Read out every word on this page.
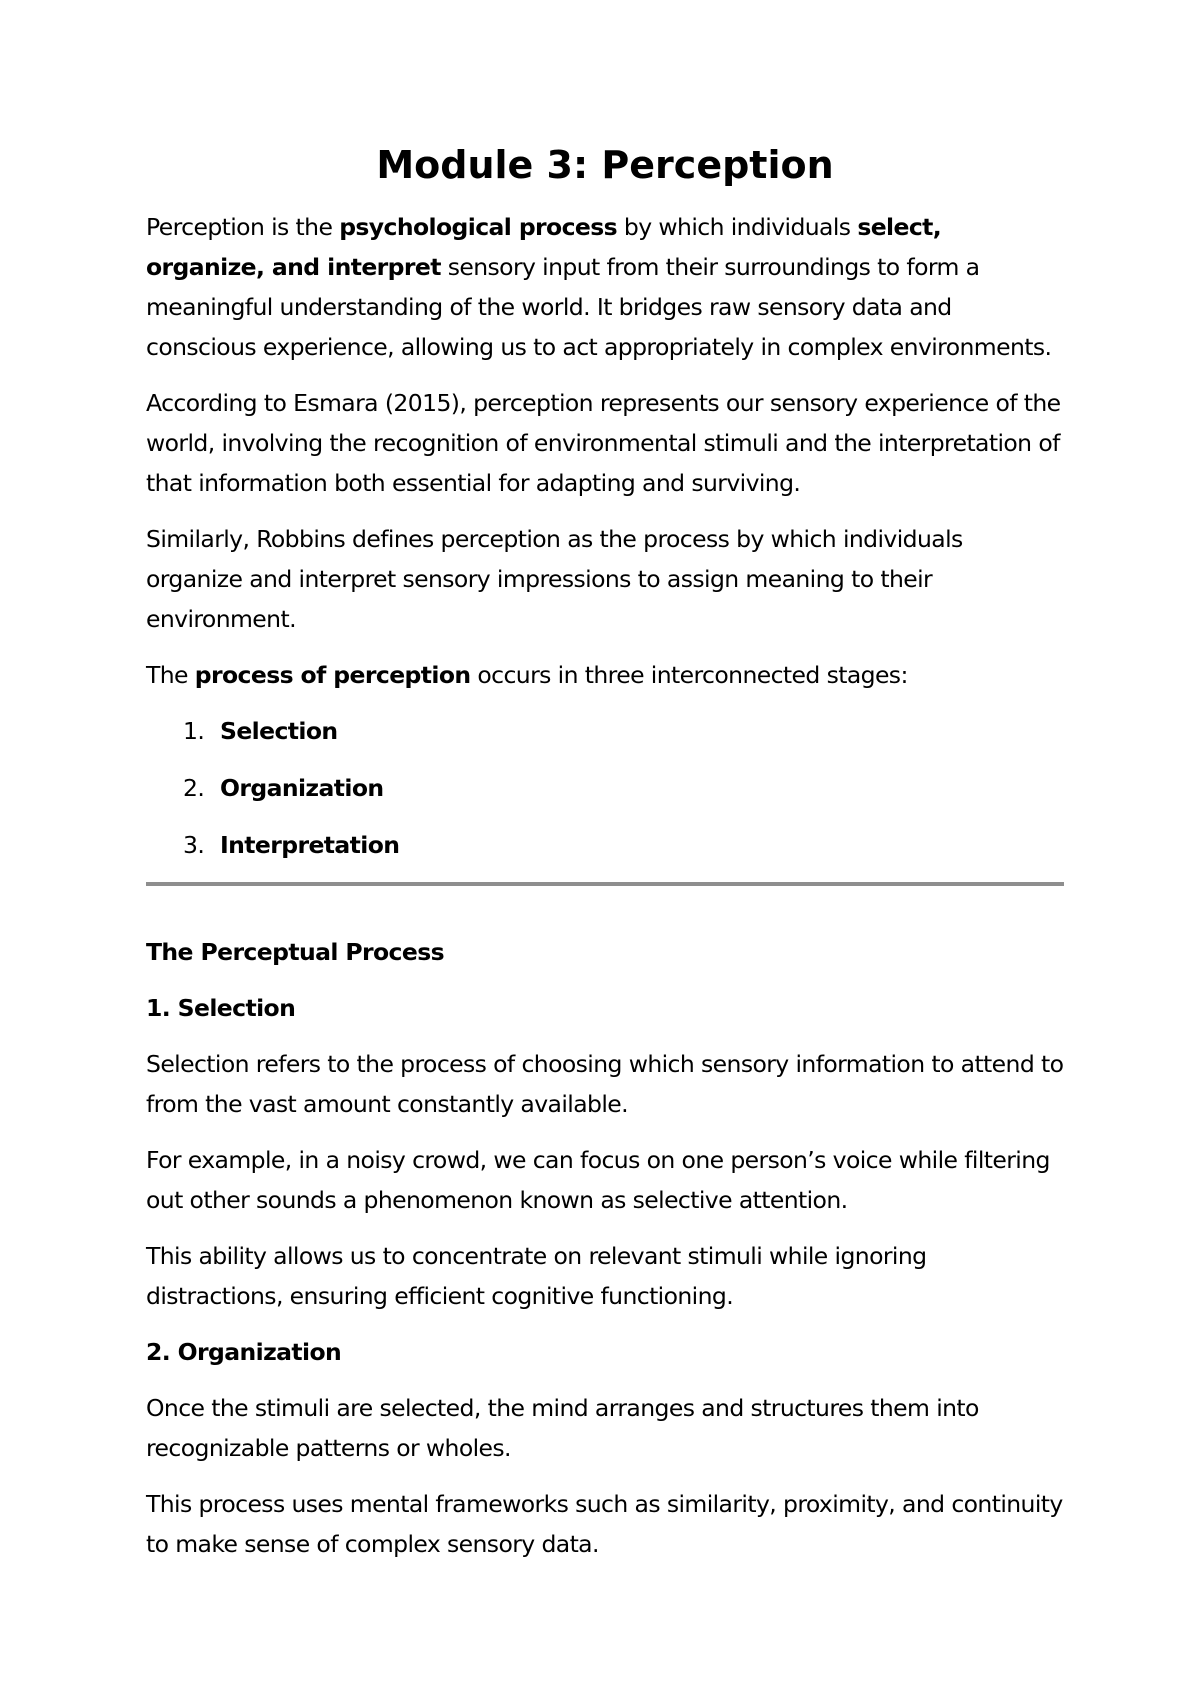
Module 3: Perception

Perception is the psychological process by which individuals select, organize, and interpret sensory input from their surroundings to form a meaningful understanding of the world. It bridges raw sensory data and conscious experience, allowing us to act appropriately in complex environments.

According to Esmara (2015), perception represents our sensory experience of the world, involving the recognition of environmental stimuli and the interpretation of that information both essential for adapting and surviving.

Similarly, Robbins defines perception as the process by which individuals organize and interpret sensory impressions to assign meaning to their environment.

The process of perception occurs in three interconnected stages:

1. Selection
2. Organization
3. Interpretation

The Perceptual Process

1. Selection

Selection refers to the process of choosing which sensory information to attend to from the vast amount constantly available.

For example, in a noisy crowd, we can focus on one person’s voice while filtering out other sounds a phenomenon known as selective attention.

This ability allows us to concentrate on relevant stimuli while ignoring distractions, ensuring efficient cognitive functioning.

2. Organization

Once the stimuli are selected, the mind arranges and structures them into recognizable patterns or wholes.

This process uses mental frameworks such as similarity, proximity, and continuity to make sense of complex sensory data.
